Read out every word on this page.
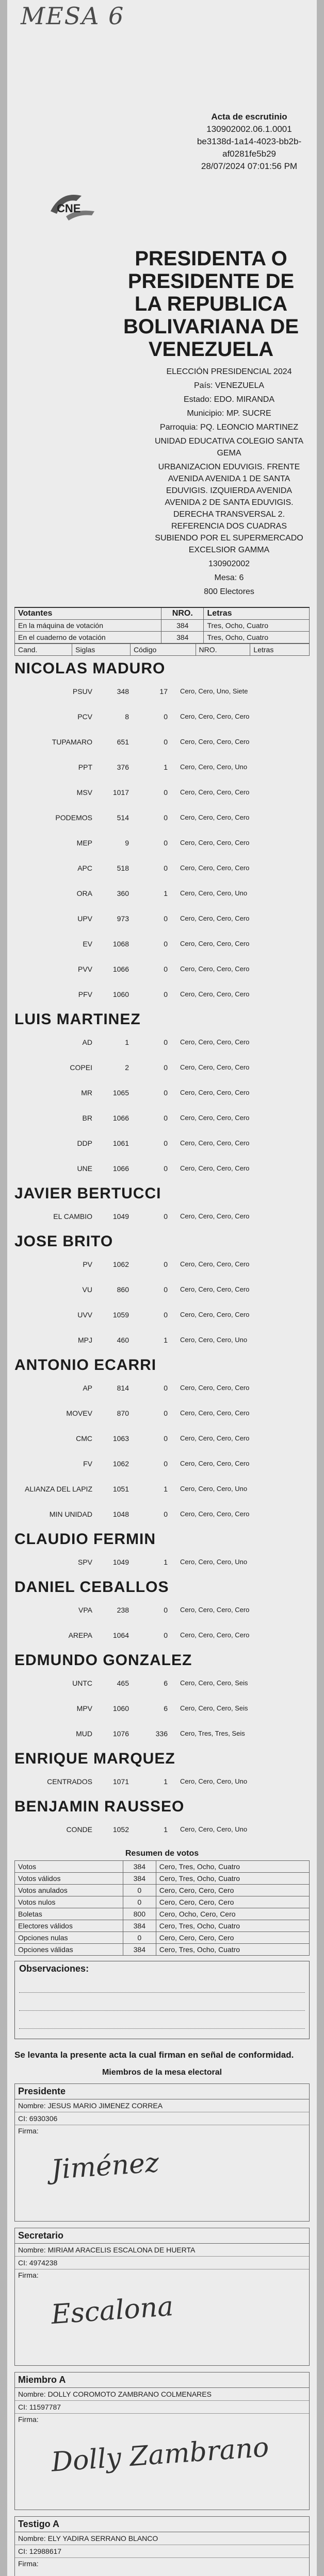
MESA 6
CNE
Acta de escrutinio
130902002.06.1.0001
be3138d-1a14-4023-bb2b-af0281fe5b29
28/07/2024 07:01:56 PM
PRESIDENTA O PRESIDENTE DE LA REPUBLICA BOLIVARIANA DE VENEZUELA
ELECCIÓN PRESIDENCIAL 2024
País: VENEZUELA
Estado: EDO. MIRANDA
Municipio: MP. SUCRE
Parroquia: PQ. LEONCIO MARTINEZ
UNIDAD EDUCATIVA COLEGIO SANTA GEMA
URBANIZACION EDUVIGIS. FRENTE AVENIDA AVENIDA 1 DE SANTA EDUVIGIS. IZQUIERDA AVENIDA AVENIDA 2 DE SANTA EDUVIGIS. DERECHA TRANSVERSAL 2. REFERENCIA DOS CUADRAS SUBIENDO POR EL SUPERMERCADO EXCELSIOR GAMMA
130902002
Mesa: 6
800 Electores
Votantes	NRO.	Letras
En la máquina de votación	384	Tres, Ocho, Cuatro
En el cuaderno de votación	384	Tres, Ocho, Cuatro
Cand.	Siglas	Código	NRO.	Letras
NICOLAS MADURO
PSUV	348	17	Cero, Cero, Uno, Siete
PCV	8	0	Cero, Cero, Cero, Cero
TUPAMARO	651	0	Cero, Cero, Cero, Cero
PPT	376	1	Cero, Cero, Cero, Uno
MSV	1017	0	Cero, Cero, Cero, Cero
PODEMOS	514	0	Cero, Cero, Cero, Cero
MEP	9	0	Cero, Cero, Cero, Cero
APC	518	0	Cero, Cero, Cero, Cero
ORA	360	1	Cero, Cero, Cero, Uno
UPV	973	0	Cero, Cero, Cero, Cero
EV	1068	0	Cero, Cero, Cero, Cero
PVV	1066	0	Cero, Cero, Cero, Cero
PFV	1060	0	Cero, Cero, Cero, Cero
LUIS MARTINEZ
AD	1	0	Cero, Cero, Cero, Cero
COPEI	2	0	Cero, Cero, Cero, Cero
MR	1065	0	Cero, Cero, Cero, Cero
BR	1066	0	Cero, Cero, Cero, Cero
DDP	1061	0	Cero, Cero, Cero, Cero
UNE	1066	0	Cero, Cero, Cero, Cero
JAVIER BERTUCCI
EL CAMBIO	1049	0	Cero, Cero, Cero, Cero
JOSE BRITO
PV	1062	0	Cero, Cero, Cero, Cero
VU	860	0	Cero, Cero, Cero, Cero
UVV	1059	0	Cero, Cero, Cero, Cero
MPJ	460	1	Cero, Cero, Cero, Uno
ANTONIO ECARRI
AP	814	0	Cero, Cero, Cero, Cero
MOVEV	870	0	Cero, Cero, Cero, Cero
CMC	1063	0	Cero, Cero, Cero, Cero
FV	1062	0	Cero, Cero, Cero, Cero
ALIANZA DEL LAPIZ	1051	1	Cero, Cero, Cero, Uno
MIN UNIDAD	1048	0	Cero, Cero, Cero, Cero
CLAUDIO FERMIN
SPV	1049	1	Cero, Cero, Cero, Uno
DANIEL CEBALLOS
VPA	238	0	Cero, Cero, Cero, Cero
AREPA	1064	0	Cero, Cero, Cero, Cero
EDMUNDO GONZALEZ
UNTC	465	6	Cero, Cero, Cero, Seis
MPV	1060	6	Cero, Cero, Cero, Seis
MUD	1076	336	Cero, Tres, Tres, Seis
ENRIQUE MARQUEZ
CENTRADOS	1071	1	Cero, Cero, Cero, Uno
BENJAMIN RAUSSEO
CONDE	1052	1	Cero, Cero, Cero, Uno
Resumen de votos
Votos	384	Cero, Tres, Ocho, Cuatro
Votos válidos	384	Cero, Tres, Ocho, Cuatro
Votos anulados	0	Cero, Cero, Cero, Cero
Votos nulos	0	Cero, Cero, Cero, Cero
Boletas	800	Cero, Ocho, Cero, Cero
Electores válidos	384	Cero, Tres, Ocho, Cuatro
Opciones nulas	0	Cero, Cero, Cero, Cero
Opciones válidas	384	Cero, Tres, Ocho, Cuatro
Observaciones:
Se levanta la presente acta la cual firman en señal de conformidad.
Miembros de la mesa electoral
Presidente
Nombre: JESUS MARIO JIMENEZ CORREA
CI: 6930306
Firma:
Jiménez
Secretario
Nombre: MIRIAM ARACELIS ESCALONA DE HUERTA
CI: 4974238
Firma:
Escalona
Miembro A
Nombre: DOLLY COROMOTO ZAMBRANO COLMENARES
CI: 11597787
Firma:
Dolly Zambrano
Testigo A
Nombre: ELY YADIRA SERRANO BLANCO
CI: 12988617
Firma:
